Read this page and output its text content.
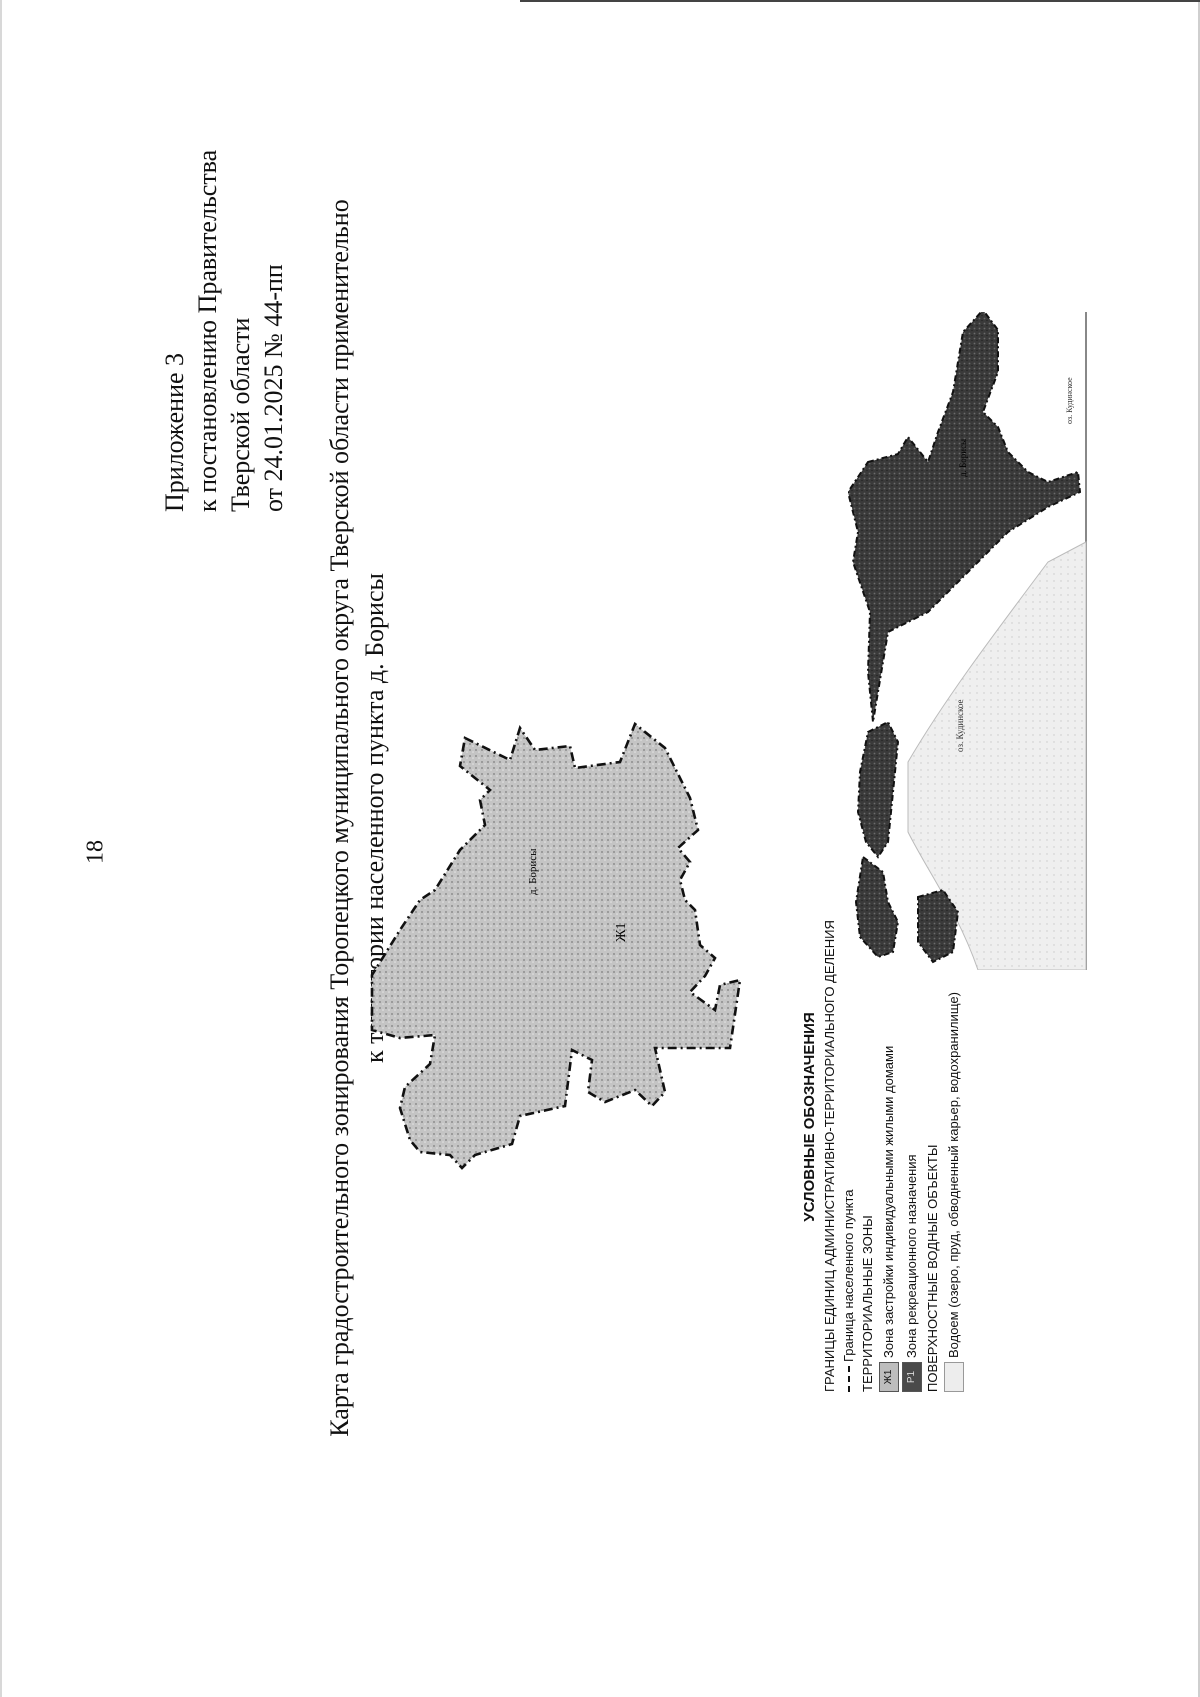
18
Приложение 3 к постановлению Правительства Тверской области от 24.01.2025 № 44-пп Карта градостроительного зонирования Торопецкого муниципального округа Тверской области применительно к территории населенного пункта д. Борисы	д. Борисы
Ж1
д. Борисы
оз. Кудинское
оз. Кудинское
УСЛОВНЫЕ ОБОЗНАЧЕНИЯ ГРАНИЦЫ ЕДИНИЦ АДМИНИСТРАТИВНО-ТЕРРИТОРИАЛЬНОГО ДЕЛЕНИЯ Граница населенного пункта ТЕРРИТОРИАЛЬНЫЕ ЗОНЫ Ж1
Зона застройки индивидуальными жилыми домами
Р1
Зона рекреационного назначения ПОВЕРХНОСТНЫЕ ВОДНЫЕ ОБЪЕКТЫ Водоем (озеро, пруд, обводненный карьер, водохранилище)
